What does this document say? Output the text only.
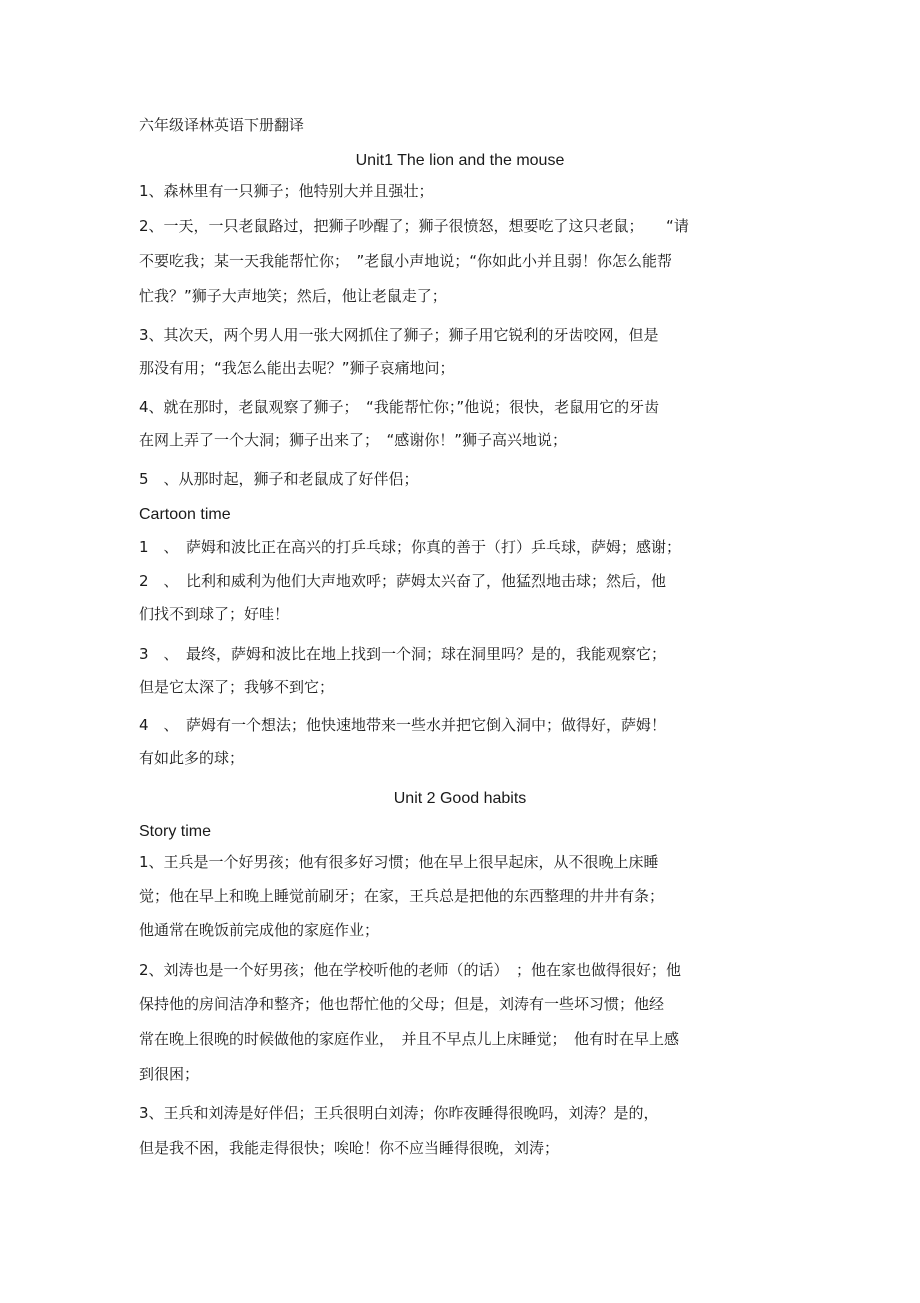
六年级译林英语下册翻译
Unit1 The lion and the mouse
1、森林里有一只狮子；他特别大并且强壮；
2、一天，一只老鼠路过，把狮子吵醒了；狮子很愤怒，想要吃了这只老鼠；　　“请
不要吃我；某一天我能帮忙你；　”老鼠小声地说；“你如此小并且弱！你怎么能帮
忙我？”狮子大声地笑；然后，他让老鼠走了；
3、其次天，两个男人用一张大网抓住了狮子；狮子用它锐利的牙齿咬网，但是
那没有用；“我怎么能出去呢？”狮子哀痛地问；
4、就在那时，老鼠观察了狮子；　“我能帮忙你；”他说；很快，老鼠用它的牙齿
在网上弄了一个大洞；狮子出来了；　“感谢你！”狮子高兴地说；
5　、从那时起，狮子和老鼠成了好伴侣；
Cartoon time
1　、　萨姆和波比正在高兴的打乒乓球；你真的善于（打）乒乓球，萨姆；感谢；
2　、　比利和威利为他们大声地欢呼；萨姆太兴奋了，他猛烈地击球；然后，他
们找不到球了；好哇！
3　、　最终，萨姆和波比在地上找到一个洞；球在洞里吗？是的，我能观察它；
但是它太深了；我够不到它；
4　、　萨姆有一个想法；他快速地带来一些水并把它倒入洞中；做得好，萨姆！
有如此多的球；
Unit 2 Good habits
Story time
1、王兵是一个好男孩；他有很多好习惯；他在早上很早起床，从不很晚上床睡
觉；他在早上和晚上睡觉前刷牙；在家，王兵总是把他的东西整理的井井有条；
他通常在晚饭前完成他的家庭作业；
2、刘涛也是一个好男孩；他在学校听他的老师（的话）　；他在家也做得很好；他
保持他的房间洁净和整齐；他也帮忙他的父母；但是，刘涛有一些坏习惯；他经
常在晚上很晚的时候做他的家庭作业，　并且不早点儿上床睡觉；　他有时在早上感
到很困；
3、王兵和刘涛是好伴侣；王兵很明白刘涛；你昨夜睡得很晚吗，刘涛？是的，
但是我不困，我能走得很快；唉呛！你不应当睡得很晚，刘涛；
